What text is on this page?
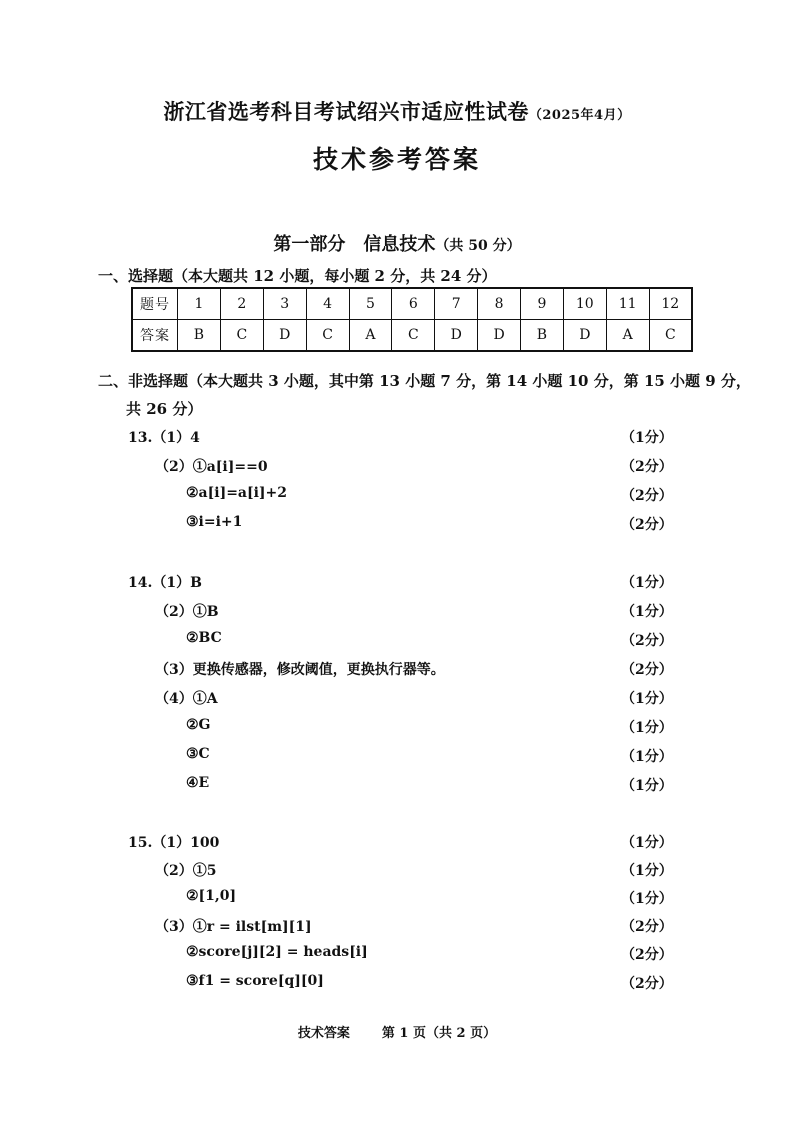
浙江省选考科目考试绍兴市适应性试卷（2025年4月）
技术参考答案
第一部分 信息技术（共 50 分）
一、选择题（本大题共 12 小题，每小题 2 分，共 24 分）
题号	1	2	3	4	5	6	7	8	9	10	11	12
答案	B	C	D	C	A	C	D	D	B	D	A	C
二、非选择题（本大题共 3 小题，其中第 13 小题 7 分，第 14 小题 10 分，第 15 小题 9 分，
共 26 分）
13.（1）4	（1分）
（2）①a[i]==0	（2分）
②a[i]=a[i]+2	（2分）
③i=i+1	（2分）
14.（1）B	（1分）
（2）①B	（1分）
②BC	（2分）
（3）更换传感器，修改阈值，更换执行器等。	（2分）
（4）①A	（1分）
②G	（1分）
③C	（1分）
④E	（1分）
15.（1）100	（1分）
（2）①5	（1分）
②[1,0]	（1分）
（3）①r = ilst[m][1]	（2分）
②score[j][2] = heads[i]	（2分）
③f1 = score[q][0]	（2分）
技术答案 第 1 页（共 2 页）
